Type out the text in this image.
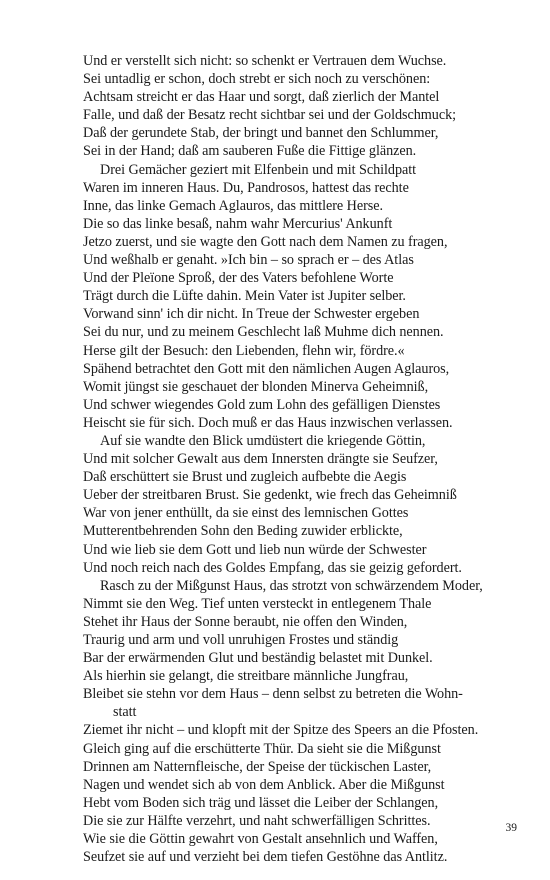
Und er verstellt sich nicht: so schenkt er Vertrauen dem Wuchse.
Sei untadlig er schon, doch strebt er sich noch zu verschönen:
Achtsam streicht er das Haar und sorgt, daß zierlich der Mantel
Falle, und daß der Besatz recht sichtbar sei und der Goldschmuck;
Daß der gerundete Stab, der bringt und bannet den Schlummer,
Sei in der Hand; daß am sauberen Fuße die Fittige glänzen.
Drei Gemächer geziert mit Elfenbein und mit Schildpatt
Waren im inneren Haus. Du, Pandrosos, hattest das rechte
Inne, das linke Gemach Aglauros, das mittlere Herse.
Die so das linke besaß, nahm wahr Mercurius' Ankunft
Jetzo zuerst, und sie wagte den Gott nach dem Namen zu fragen,
Und weßhalb er genaht. »Ich bin – so sprach er – des Atlas
Und der Pleïone Sproß, der des Vaters befohlene Worte
Trägt durch die Lüfte dahin. Mein Vater ist Jupiter selber.
Vorwand sinn' ich dir nicht. In Treue der Schwester ergeben
Sei du nur, und zu meinem Geschlecht laß Muhme dich nennen.
Herse gilt der Besuch: den Liebenden, flehn wir, fördre.«
Spähend betrachtet den Gott mit den nämlichen Augen Aglauros,
Womit jüngst sie geschauet der blonden Minerva Geheimniß,
Und schwer wiegendes Gold zum Lohn des gefälligen Dienstes
Heischt sie für sich. Doch muß er das Haus inzwischen verlassen.
Auf sie wandte den Blick umdüstert die kriegende Göttin,
Und mit solcher Gewalt aus dem Innersten drängte sie Seufzer,
Daß erschüttert sie Brust und zugleich aufbebte die Aegis
Ueber der streitbaren Brust. Sie gedenkt, wie frech das Geheimniß
War von jener enthüllt, da sie einst des lemnischen Gottes
Mutterentbehrenden Sohn den Beding zuwider erblickte,
Und wie lieb sie dem Gott und lieb nun würde der Schwester
Und noch reich nach des Goldes Empfang, das sie geizig gefordert.
Rasch zu der Mißgunst Haus, das strotzt von schwärzendem Moder,
Nimmt sie den Weg. Tief unten versteckt in entlegenem Thale
Stehet ihr Haus der Sonne beraubt, nie offen den Winden,
Traurig und arm und voll unruhigen Frostes und ständig
Bar der erwärmenden Glut und beständig belastet mit Dunkel.
Als hierhin sie gelangt, die streitbare männliche Jungfrau,
Bleibet sie stehn vor dem Haus – denn selbst zu betreten die Wohn-
statt
Ziemet ihr nicht – und klopft mit der Spitze des Speers an die Pfosten.
Gleich ging auf die erschütterte Thür. Da sieht sie die Mißgunst
Drinnen am Natternfleische, der Speise der tückischen Laster,
Nagen und wendet sich ab von dem Anblick. Aber die Mißgunst
Hebt vom Boden sich träg und lässet die Leiber der Schlangen,
Die sie zur Hälfte verzehrt, und naht schwerfälligen Schrittes.
Wie sie die Göttin gewahrt von Gestalt ansehnlich und Waffen,
Seufzet sie auf und verzieht bei dem tiefen Gestöhne das Antlitz.
39
